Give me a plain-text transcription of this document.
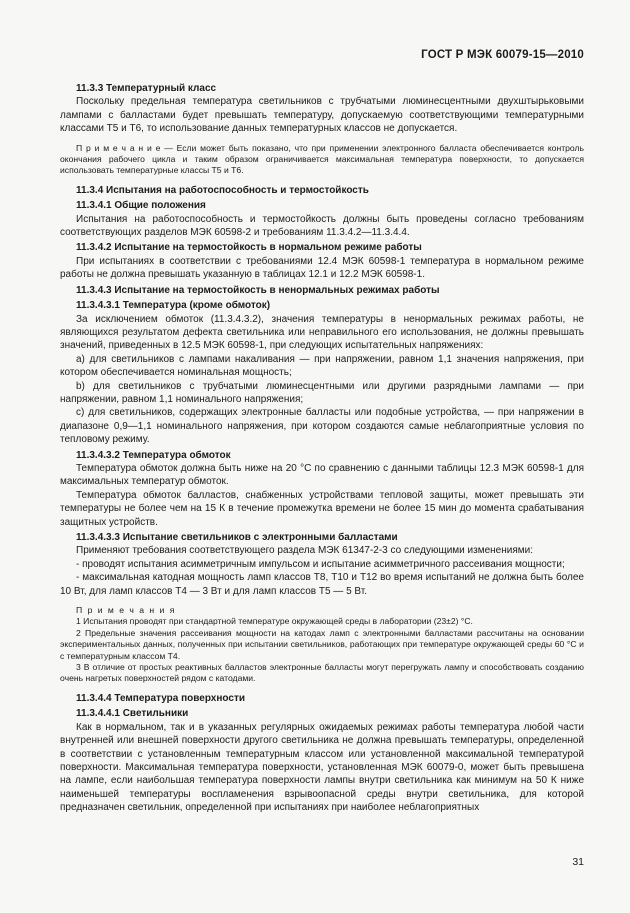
ГОСТ Р МЭК 60079-15—2010

11.3.3 Температурный класс

Поскольку предельная температура светильников с трубчатыми люминесцентными двухштырьковыми лампами с балластами будет превышать температуру, допускаемую соответствующими температурными классами Т5 и Т6, то использование данных температурных классов не допускается.

П р и м е ч а н и е — Если может быть показано, что при применении электронного балласта обеспечивается контроль окончания рабочего цикла и таким образом ограничивается максимальная температура поверхности, то допускается использовать температурные классы Т5 и Т6.

11.3.4 Испытания на работоспособность и термостойкость

11.3.4.1 Общие положения

Испытания на работоспособность и термостойкость должны быть проведены согласно требованиям соответствующих разделов МЭК 60598-2 и требованиям 11.3.4.2—11.3.4.4.

11.3.4.2 Испытание на термостойкость в нормальном режиме работы

При испытаниях в соответствии с требованиями 12.4 МЭК 60598-1 температура в нормальном режиме работы не должна превышать указанную в таблицах 12.1 и 12.2 МЭК 60598-1.

11.3.4.3 Испытание на термостойкость в ненормальных режимах работы

11.3.4.3.1 Температура (кроме обмоток)

За исключением обмоток (11.3.4.3.2), значения температуры в ненормальных режимах работы, не являющихся результатом дефекта светильника или неправильного его использования, не должны превышать значений, приведенных в 12.5 МЭК 60598-1, при следующих испытательных напряжениях:

а) для светильников с лампами накаливания — при напряжении, равном 1,1 значения напряжения, при котором обеспечивается номинальная мощность;

b) для светильников с трубчатыми люминесцентными или другими разрядными лампами — при напряжении, равном 1,1 номинального напряжения;

с) для светильников, содержащих электронные балласты или подобные устройства, — при напряжении в диапазоне 0,9—1,1 номинального напряжения, при котором создаются самые неблагоприятные условия по тепловому режиму.

11.3.4.3.2 Температура обмоток

Температура обмоток должна быть ниже на 20 °С по сравнению с данными таблицы 12.3 МЭК 60598-1 для максимальных температур обмоток.

Температура обмоток балластов, снабженных устройствами тепловой защиты, может превышать эти температуры не более чем на 15 К в течение промежутка времени не более 15 мин до момента срабатывания защитных устройств.

11.3.4.3.3 Испытание светильников с электронными балластами

Применяют требования соответствующего раздела МЭК 61347-2-3 со следующими изменениями:

- проводят испытания асимметричным импульсом и испытание асимметричного рассеивания мощности;

- максимальная катодная мощность ламп классов Т8, Т10 и Т12 во время испытаний не должна быть более 10 Вт, для ламп классов Т4 — 3 Вт и для ламп классов Т5 — 5 Вт.

П р и м е ч а н и я

1 Испытания проводят при стандартной температуре окружающей среды в лаборатории (23±2) °С.

2 Предельные значения рассеивания мощности на катодах ламп с электронными балластами рассчитаны на основании экспериментальных данных, полученных при испытании светильников, работающих при температуре окружающей среды 60 °С и с температурным классом Т4.

3 В отличие от простых реактивных балластов электронные балласты могут перегружать лампу и способствовать созданию очень нагретых поверхностей рядом с катодами.

11.3.4.4 Температура поверхности

11.3.4.4.1 Светильники

Как в нормальном, так и в указанных регулярных ожидаемых режимах работы температура любой части внутренней или внешней поверхности другого светильника не должна превышать температуры, определенной в соответствии с установленным температурным классом или установленной максимальной температурой поверхности. Максимальная температура поверхности, установленная МЭК 60079-0, может быть превышена на лампе, если наибольшая температура поверхности лампы внутри светильника как минимум на 50 К ниже наименьшей температуры воспламенения взрывоопасной среды внутри светильника, для которой предназначен светильник, определенной при испытаниях при наиболее неблагоприятных

31
